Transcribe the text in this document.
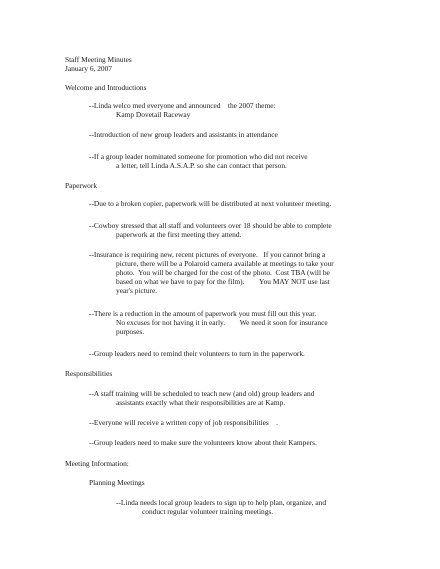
Staff Meeting Minutes
January 6, 2007
Welcome and Introductions
--Linda welco med everyone and announced    the 2007 theme:
Kamp Dovetail Raceway
--Introduction of new group leaders and assistants in attendance
--If a group leader nominated someone for promotion who did not receive
a letter, tell Linda A.S.A.P. so she can contact that person.
Paperwork
--Due to a broken copier, paperwork will be distributed at next volunteer meeting.
--Cowboy stressed that all staff and volunteers over 18 should be able to complete
paperwork at the first meeting they attend.
--Insurance is requiring new, recent pictures of everyone.   If you cannot bring a
picture, there will be a Polaroid camera available at meetings to take your
photo.  You will be charged for the cost of the photo.  Cost TBA (will be
based on what we have to pay for the film).        You MAY NOT use last
year's picture.
--There is a reduction in the amount of paperwork you must fill out this year.
No excuses for not having it in early.        We need it soon for insurance
purposes.
--Group leaders need to remind their volunteers to turn in the paperwork.
Responsibilities
--A staff training will be scheduled to teach new (and old) group leaders and
assistants exactly what their responsibilities are at Kamp.
--Everyone will receive a written copy of job responsibilities    .
--Group leaders need to make sure the volunteers know about their Kampers.
Meeting Information:
Planning Meetings
--Linda needs local group leaders to sign up to help plan, organize, and
conduct regular volunteer training meetings.
